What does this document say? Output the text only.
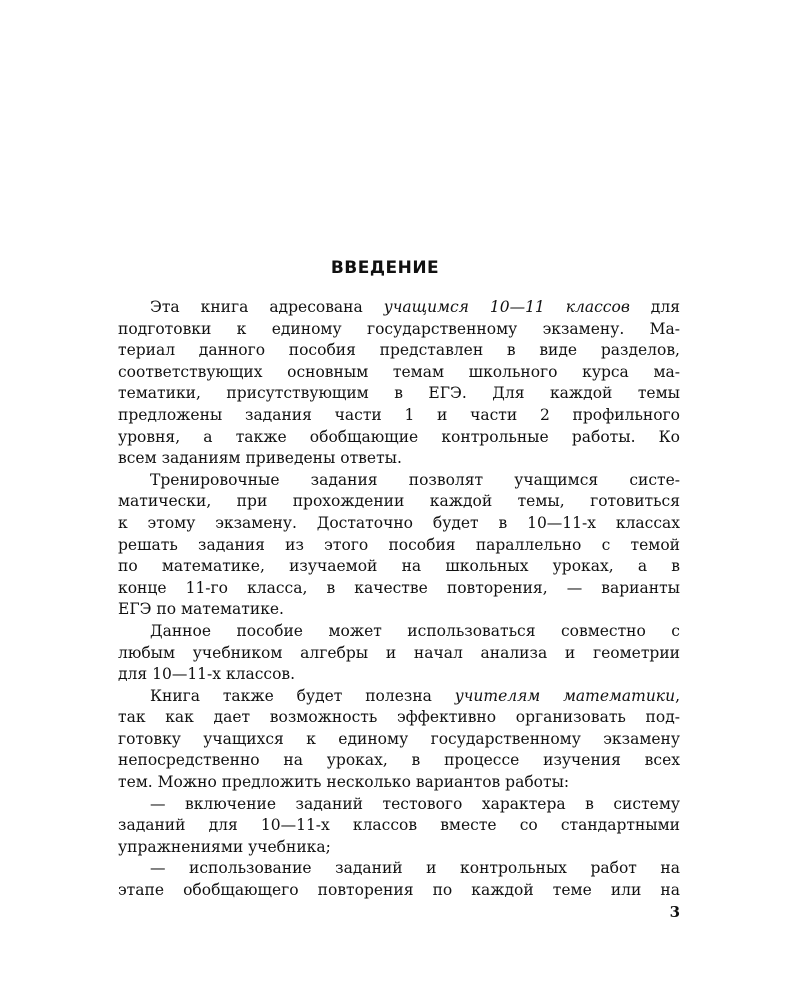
ВВЕДЕНИЕ

Эта книга адресована учащимся 10—11 классов для
подготовки к единому государственному экзамену. Ма-
териал данного пособия представлен в виде разделов,
соответствующих основным темам школьного курса ма-
тематики, присутствующим в ЕГЭ. Для каждой темы
предложены задания части 1 и части 2 профильного
уровня, а также обобщающие контрольные работы. Ко
всем заданиям приведены ответы.

Тренировочные задания позволят учащимся систе-
матически, при прохождении каждой темы, готовиться
к этому экзамену. Достаточно будет в 10—11-х классах
решать задания из этого пособия параллельно с темой
по математике, изучаемой на школьных уроках, а в
конце 11-го класса, в качестве повторения, — варианты
ЕГЭ по математике.

Данное пособие может использоваться совместно с
любым учебником алгебры и начал анализа и геометрии
для 10—11-х классов.

Книга также будет полезна учителям математики,
так как дает возможность эффективно организовать под-
готовку учащихся к единому государственному экзамену
непосредственно на уроках, в процессе изучения всех
тем. Можно предложить несколько вариантов работы:

— включение заданий тестового характера в систему
заданий для 10—11-х классов вместе со стандартными
упражнениями учебника;

— использование заданий и контрольных работ на
этапе обобщающего повторения по каждой теме или на

3
